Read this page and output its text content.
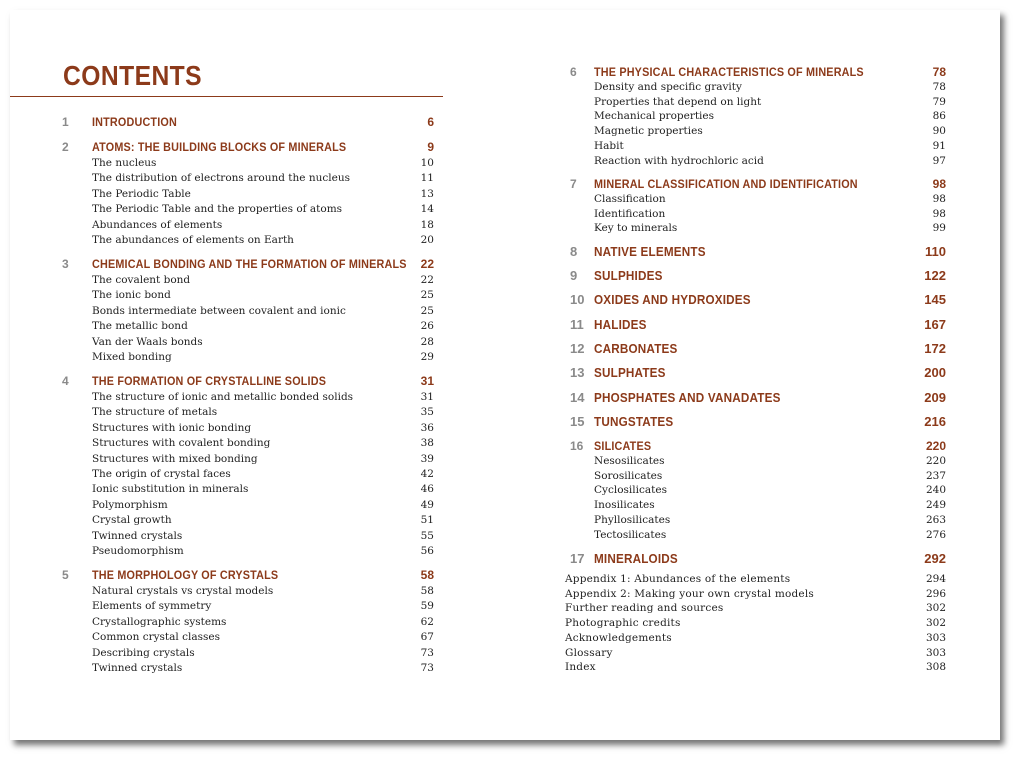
CONTENTS
1 INTRODUCTION	6
2 ATOMS: THE BUILDING BLOCKS OF MINERALS	9
The nucleus	10
The distribution of electrons around the nucleus	11
The Periodic Table	13
The Periodic Table and the properties of atoms	14
Abundances of elements	18
The abundances of elements on Earth	20
3 CHEMICAL BONDING AND THE FORMATION OF MINERALS 22
The covalent bond	22
The ionic bond	25
Bonds intermediate between covalent and ionic	25
The metallic bond	26
Van der Waals bonds	28
Mixed bonding	29
4 THE FORMATION OF CRYSTALLINE SOLIDS	31
The structure of ionic and metallic bonded solids	31
The structure of metals	35
Structures with ionic bonding	36
Structures with covalent bonding	38
Structures with mixed bonding	39
The origin of crystal faces	42
Ionic substitution in minerals	46
Polymorphism	49
Crystal growth	51
Twinned crystals	55
Pseudomorphism	56
5 THE MORPHOLOGY OF CRYSTALS	58
Natural crystals vs crystal models	58
Elements of symmetry	59
Crystallographic systems	62
Common crystal classes	67
Describing crystals	73
Twinned crystals	73
6 THE PHYSICAL CHARACTERISTICS OF MINERALS	78
Density and specific gravity	78
Properties that depend on light	79
Mechanical properties	86
Magnetic properties	90
Habit	91
Reaction with hydrochloric acid	97
7 MINERAL CLASSIFICATION AND IDENTIFICATION	98
Classification	98
Identification	98
Key to minerals	99
8 NATIVE ELEMENTS	110
9 SULPHIDES	122
10 OXIDES AND HYDROXIDES	145
11 HALIDES	167
12 CARBONATES	172
13 SULPHATES	200
14 PHOSPHATES AND VANADATES	209
15 TUNGSTATES	216
16 SILICATES	220
Nesosilicates	220
Sorosilicates	237
Cyclosilicates	240
Inosilicates	249
Phyllosilicates	263
Tectosilicates	276
17 MINERALOIDS	292
Appendix 1: Abundances of the elements	294
Appendix 2: Making your own crystal models	296
Further reading and sources	302
Photographic credits	302
Acknowledgements	303
Glossary	303
Index	308
